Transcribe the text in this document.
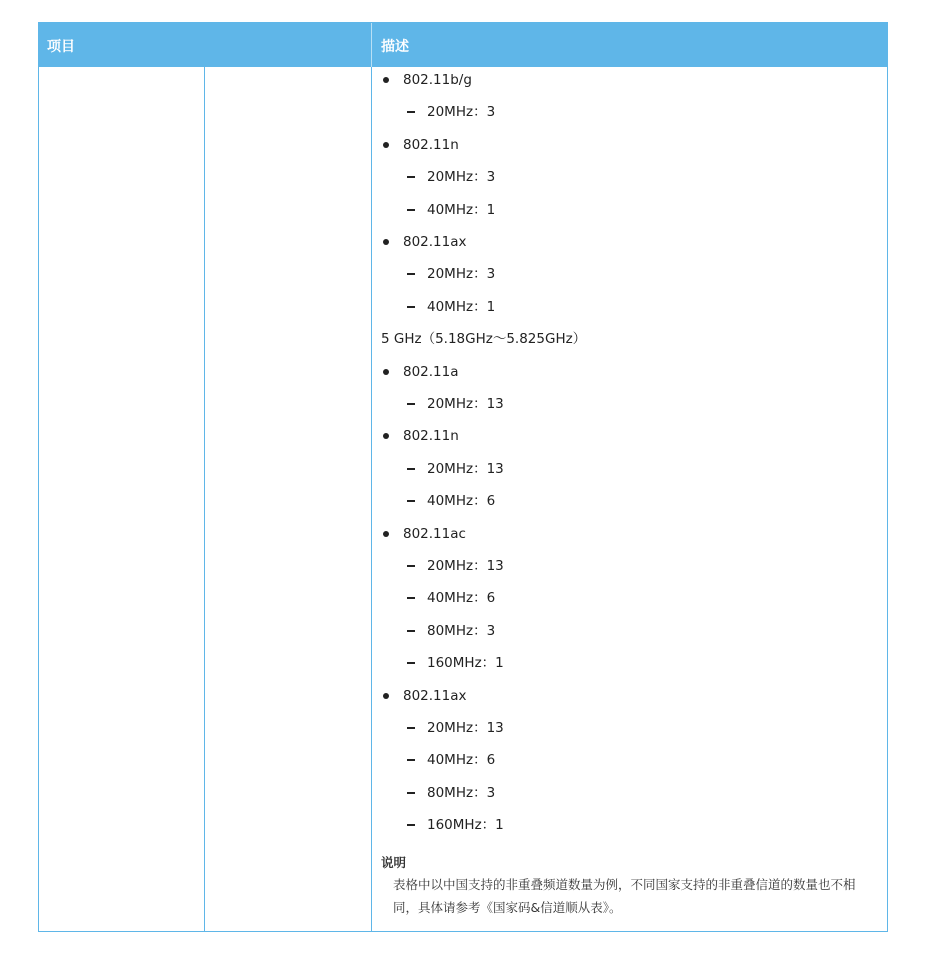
项目	描述
802.11b/g
20MHz：3
802.11n
20MHz：3
40MHz：1
802.11ax
20MHz：3
40MHz：1
5 GHz（5.18GHz～5.825GHz）
802.11a
20MHz：13
802.11n
20MHz：13
40MHz：6
802.11ac
20MHz：13
40MHz：6
80MHz：3
160MHz：1
802.11ax
20MHz：13
40MHz：6
80MHz：3
160MHz：1
说明
表格中以中国支持的非重叠频道数量为例，不同国家支持的非重叠信道的数量也不相同，具体请参考《国家码&信道顺从表》。
